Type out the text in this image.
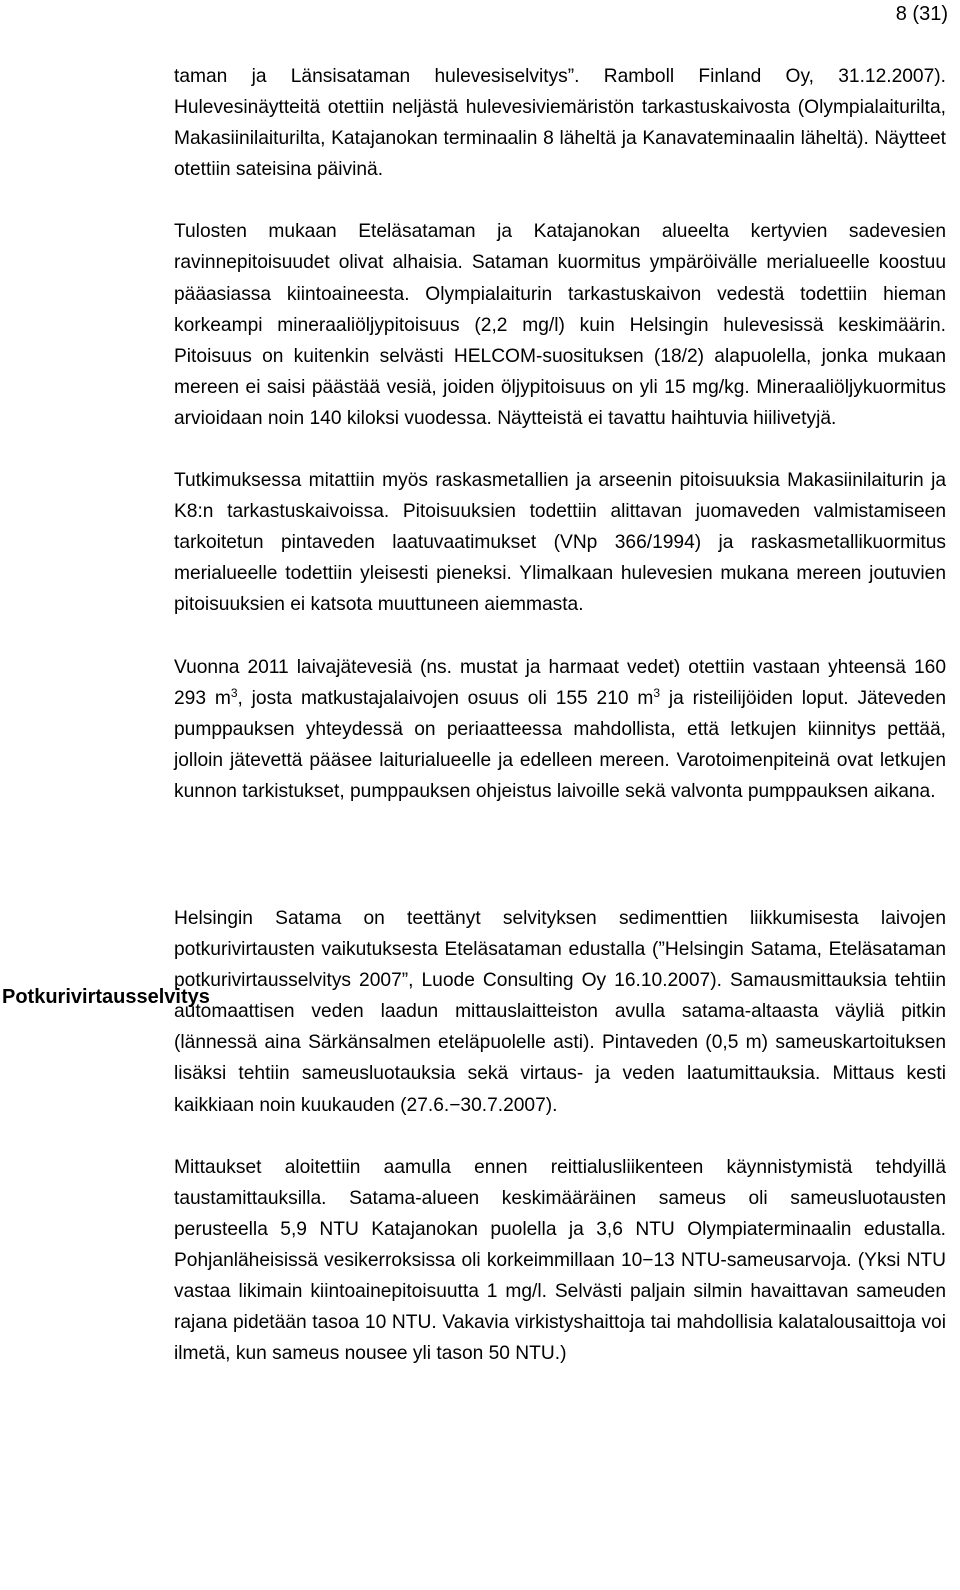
8 (31)

taman ja Länsisataman hulevesiselvitys”. Ramboll Finland Oy, 31.12.2007). Hulevesinäytteitä otettiin neljästä hulevesiviemäristön tarkastuskaivosta (Olympialaiturilta, Makasiinilaiturilta, Katajanokan terminaalin 8 läheltä ja Kanavateminaalin läheltä). Näytteet otettiin sateisina päivinä.

Tulosten mukaan Eteläsataman ja Katajanokan alueelta kertyvien sadevesien ravinnepitoisuudet olivat alhaisia. Sataman kuormitus ympäröivälle merialueelle koostuu pääasiassa kiintoaineesta. Olympialaiturin tarkastuskaivon vedestä todettiin hieman korkeampi mineraaliöljypitoisuus (2,2 mg/l) kuin Helsingin hulevesissä keskimäärin. Pitoisuus on kuitenkin selvästi HELCOM-suosituksen (18/2) alapuolella, jonka mukaan mereen ei saisi päästää vesiä, joiden öljypitoisuus on yli 15 mg/kg. Mineraaliöljykuormitus arvioidaan noin 140 kiloksi vuodessa. Näytteistä ei tavattu haihtuvia hiilivetyjä.

Tutkimuksessa mitattiin myös raskasmetallien ja arseenin pitoisuuksia Makasiinilaiturin ja K8:n tarkastuskaivoissa. Pitoisuuksien todettiin alittavan juomaveden valmistamiseen tarkoitetun pintaveden laatuvaatimukset (VNp 366/1994) ja raskasmetallikuormitus merialueelle todettiin yleisesti pieneksi. Ylimalkaan hulevesien mukana mereen joutuvien pitoisuuksien ei katsota muuttuneen aiemmasta.

Vuonna 2011 laivajätevesiä (ns. mustat ja harmaat vedet) otettiin vastaan yhteensä 160 293 $m^3$, josta matkustajalaivojen osuus oli 155 210 $m^3$ ja risteilijöiden loput. Jäteveden pumppauksen yhteydessä on periaatteessa mahdollista, että letkujen kiinnitys pettää, jolloin jätevettä pääsee laiturialueelle ja edelleen mereen. Varotoimenpiteinä ovat letkujen kunnon tarkistukset, pumppauksen ohjeistus laivoille sekä valvonta pumppauksen aikana.

Helsingin Satama on teettänyt selvityksen sedimenttien liikkumisesta laivojen potkurivirtausten vaikutuksesta Eteläsataman edustalla (”Helsingin Satama, Eteläsataman potkurivirtausselvitys 2007”, Luode Consulting Oy 16.10.2007). Samausmittauksia tehtiin automaattisen veden laadun mittauslaitteiston avulla satama-altaasta väyliä pitkin (lännessä aina Särkänsalmen eteläpuolelle asti). Pintaveden (0,5 m) sameuskartoituksen lisäksi tehtiin sameusluotauksia sekä virtaus- ja veden laatumittauksia. Mittaus kesti kaikkiaan noin kuukauden (27.6.−30.7.2007).

Mittaukset aloitettiin aamulla ennen reittialusliikenteen käynnistymistä tehdyillä taustamittauksilla. Satama-alueen keskimääräinen sameus oli sameusluotausten perusteella 5,9 NTU Katajanokan puolella ja 3,6 NTU Olympiaterminaalin edustalla. Pohjanläheisissä vesikerroksissa oli korkeimmillaan 10−13 NTU-sameusarvoja. (Yksi NTU vastaa likimain kiintoainepitoisuutta 1 mg/l. Selvästi paljain silmin havaittavan sameuden rajana pidetään tasoa 10 NTU. Vakavia virkistyshaittoja tai mahdollisia kalatalousaittoja voi ilmetä, kun sameus nousee yli tason 50 NTU.)

Potkurivirtausselvitys
